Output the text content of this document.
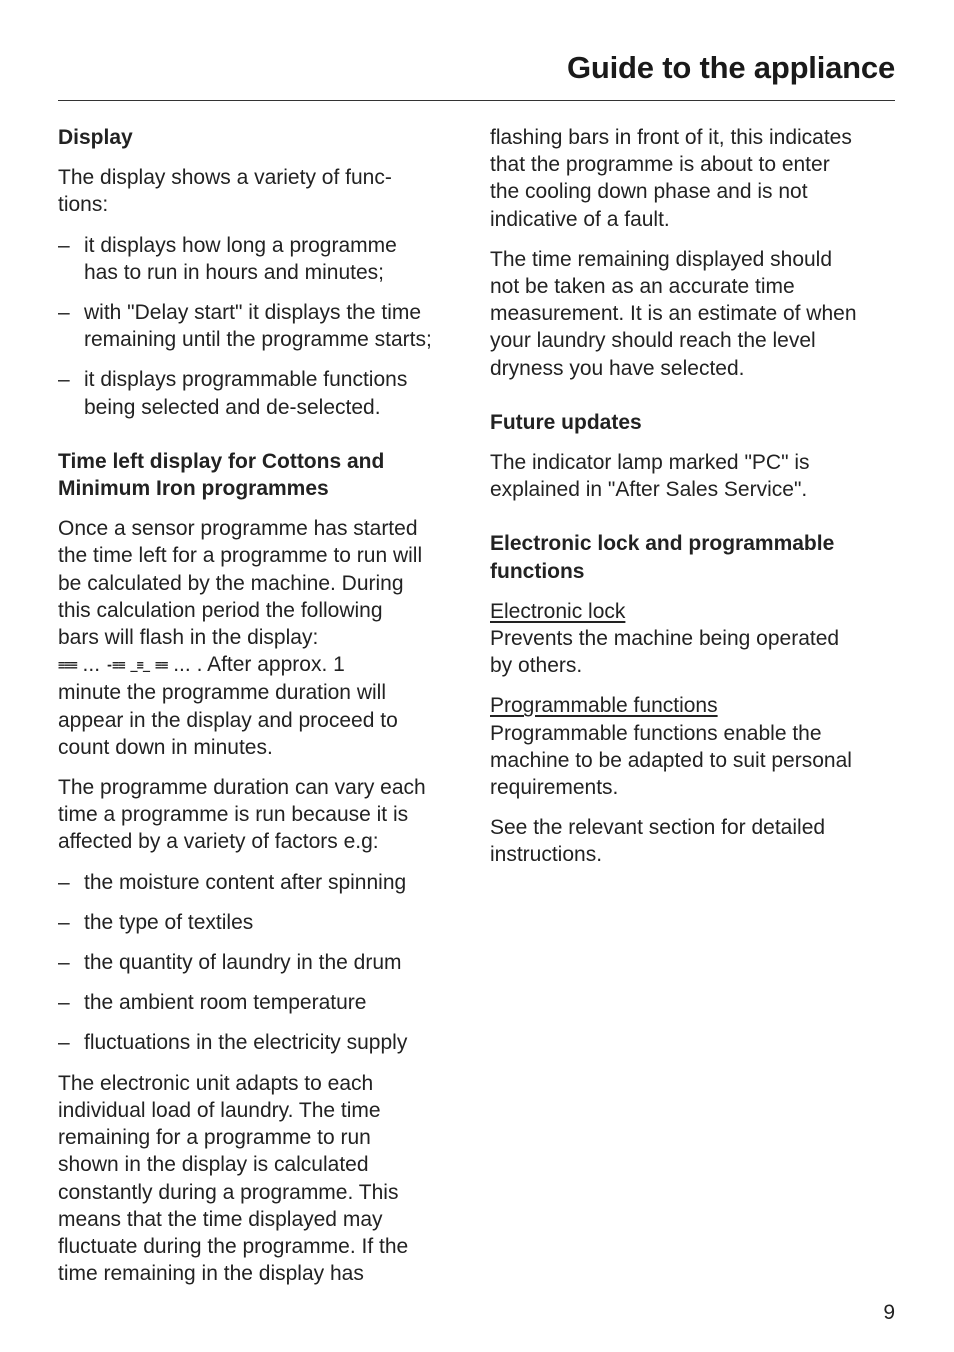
Guide to the appliance
Display

The display shows a variety of func-
tions:

– it displays how long a programme
has to run in hours and minutes;
– with "Delay start" it displays the time
remaining until the programme starts;
– it displays programmable functions
being selected and de-selected.
Time left display for Cottons and
Minimum Iron programmes

Once a sensor programme has started
the time left for a programme to run will
be calculated by the machine. During
this calculation period the following
bars will flash in the display:
≡≡≡ ... -≡≡ _≡_ ≡≡ ... . After approx. 1
minute the programme duration will
appear in the display and proceed to
count down in minutes.

The programme duration can vary each
time a programme is run because it is
affected by a variety of factors e.g:

– the moisture content after spinning
– the type of textiles
– the quantity of laundry in the drum
– the ambient room temperature
– fluctuations in the electricity supply

The electronic unit adapts to each
individual load of laundry. The time
remaining for a programme to run
shown in the display is calculated
constantly during a programme. This
means that the time displayed may
fluctuate during the programme. If the
time remaining in the display has

flashing bars in front of it, this indicates
that the programme is about to enter
the cooling down phase and is not
indicative of a fault.

The time remaining displayed should
not be taken as an accurate time
measurement. It is an estimate of when
your laundry should reach the level
dryness you have selected.

Future updates

The indicator lamp marked "PC" is
explained in "After Sales Service".

Electronic lock and programmable
functions

Electronic lock
Prevents the machine being operated
by others.

Programmable functions
Programmable functions enable the
machine to be adapted to suit personal
requirements.

See the relevant section for detailed
instructions.

9
